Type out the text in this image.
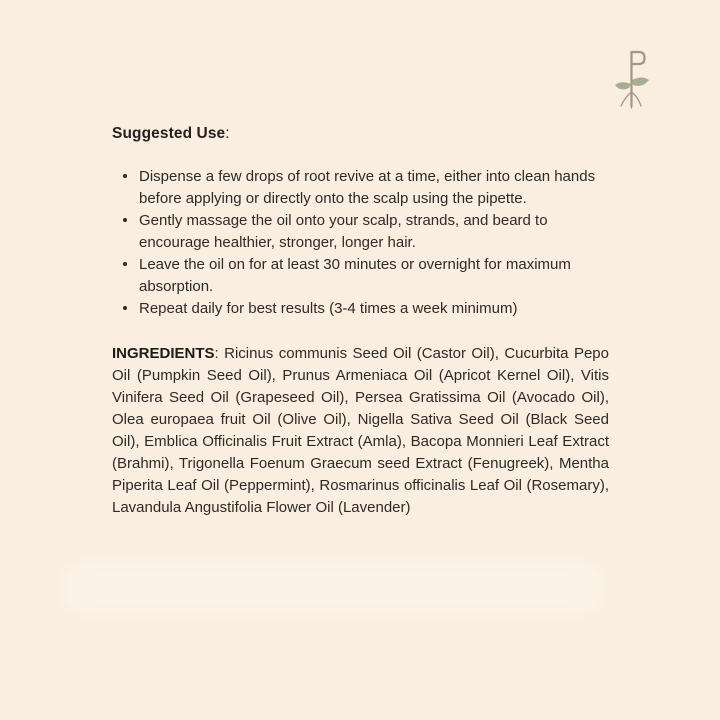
Suggested Use:

Dispense a few drops of root revive at a time, either into clean hands before applying or directly onto the scalp using the pipette.
Gently massage the oil onto your scalp, strands, and beard to encourage healthier, stronger, longer hair.
Leave the oil on for at least 30 minutes or overnight for maximum absorption.
Repeat daily for best results (3-4 times a week minimum)

INGREDIENTS: Ricinus communis Seed Oil (Castor Oil), Cucurbita Pepo Oil (Pumpkin Seed Oil), Prunus Armeniaca Oil (Apricot Kernel Oil), Vitis Vinifera Seed Oil (Grapeseed Oil), Persea Gratissima Oil (Avocado Oil), Olea europaea fruit Oil (Olive Oil), Nigella Sativa Seed Oil (Black Seed Oil), Emblica Officinalis Fruit Extract (Amla), Bacopa Monnieri Leaf Extract (Brahmi), Trigonella Foenum Graecum seed Extract (Fenugreek), Mentha Piperita Leaf Oil (Peppermint), Rosmarinus officinalis Leaf Oil (Rosemary), Lavandula Angustifolia Flower Oil (Lavender)
